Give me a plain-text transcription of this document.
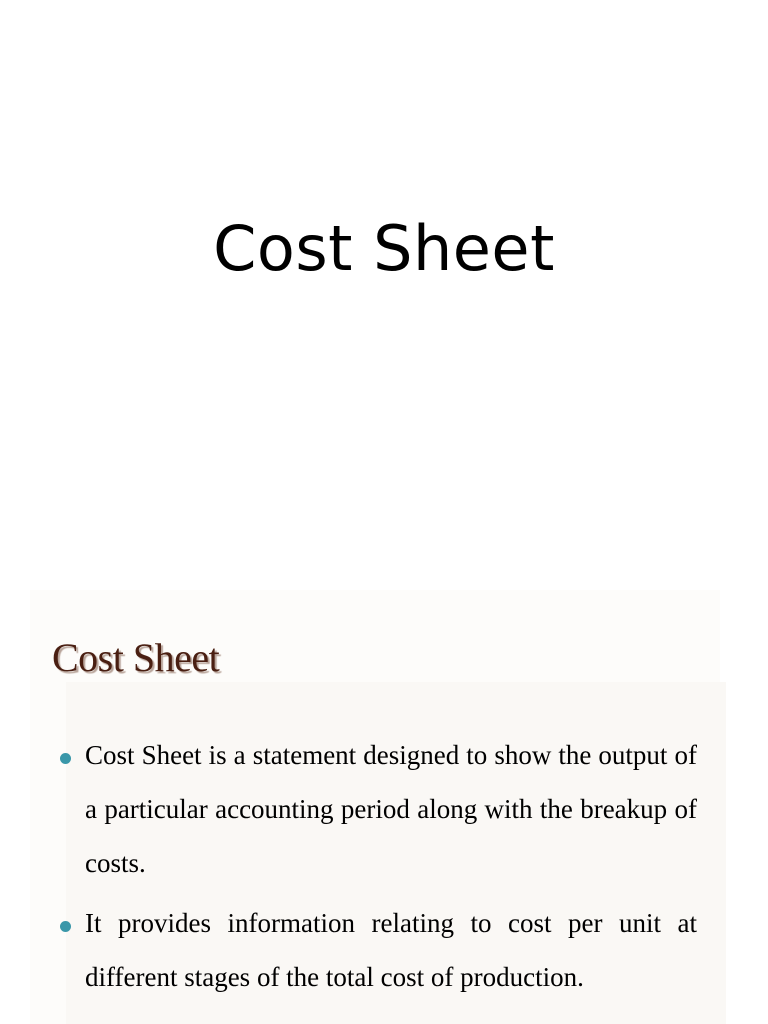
Cost Sheet
Cost Sheet
Cost Sheet is a statement designed to show the output of a particular accounting period along with the breakup of costs.
It provides information relating to cost per unit at different stages of the total cost of production.
